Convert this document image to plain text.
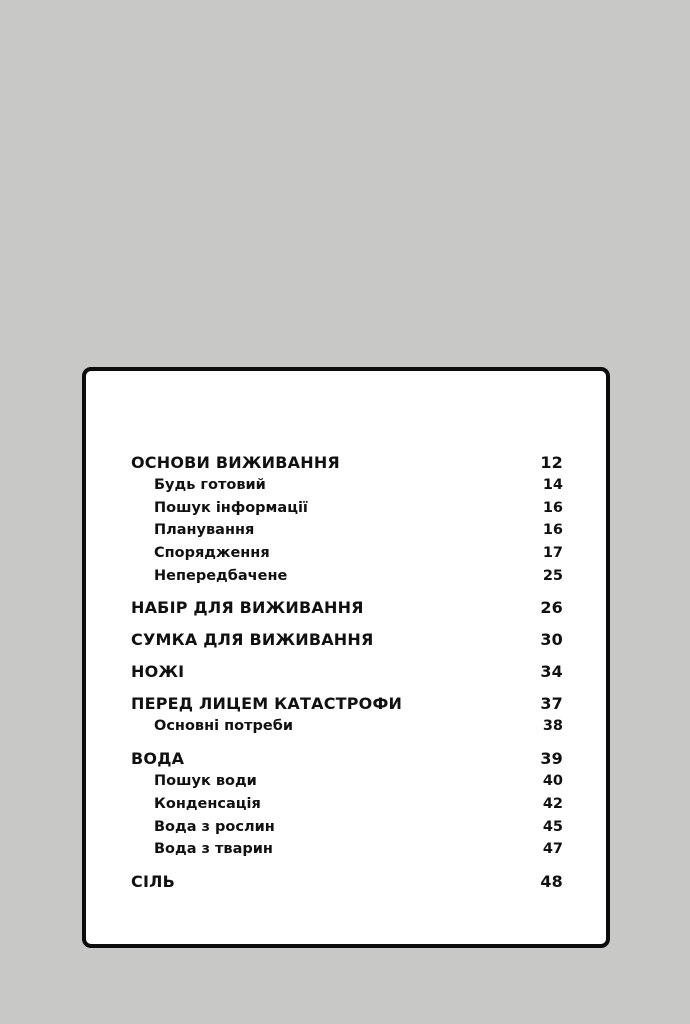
ОСНОВИ ВИЖИВАННЯ	12
Будь готовий	14
Пошук інформації	16
Планування	16
Спорядження	17
Непередбачене	25
НАБІР ДЛЯ ВИЖИВАННЯ	26
СУМКА ДЛЯ ВИЖИВАННЯ	30
НОЖІ	34
ПЕРЕД ЛИЦЕМ КАТАСТРОФИ	37
Основні потреби	38
ВОДА	39
Пошук води	40
Конденсація	42
Вода з рослин	45
Вода з тварин	47
СІЛЬ	48
